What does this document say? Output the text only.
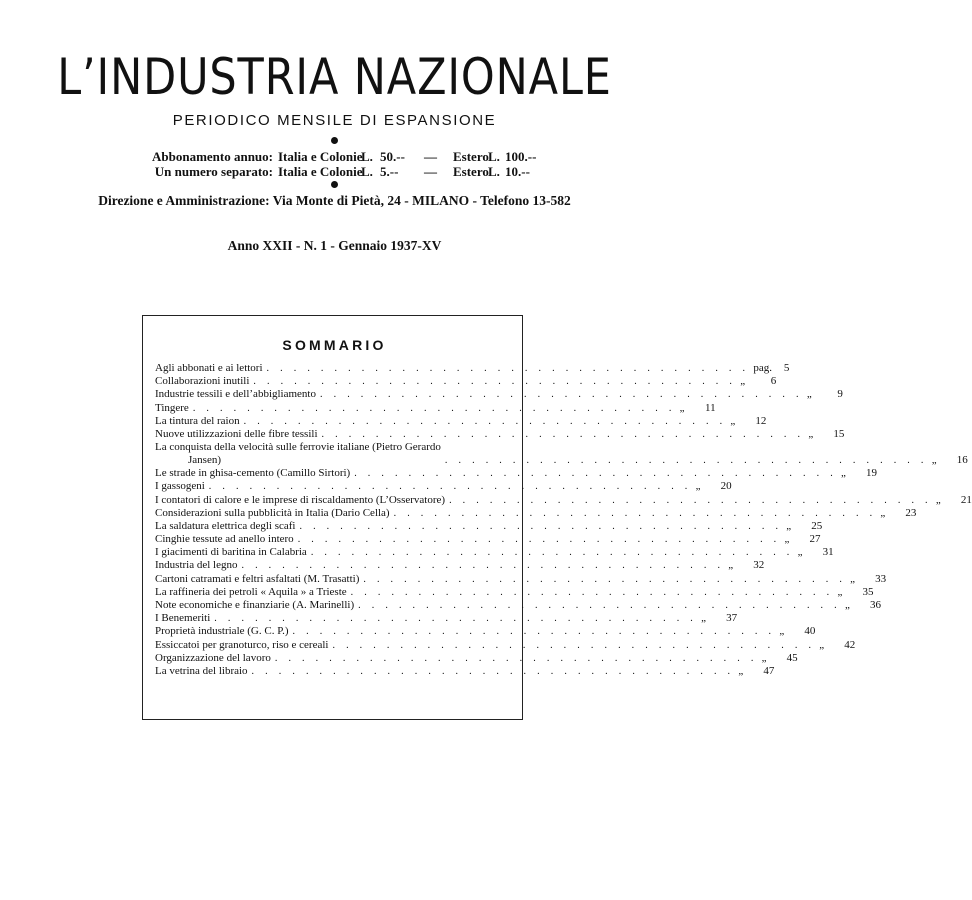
L’INDUSTRIA NAZIONALE
PERIODICO MENSILE DI ESPANSIONE
Abbonamento annuo: Italia e Colonie
L. 50.-- — Estero L. 100.--
Un numero separato: Italia e Colonie
L. 5.-- — Estero L. 10.--
Direzione e Amministrazione: Via Monte di Pietà, 24 - MILANO - Telefono 13-582
Anno XXII - N. 1 - Gennaio 1937-XV
SOMMARIO
Agli abbonati e ai lettori . . . . . . . . . . . . . . . . . . . . . . . . . . . . . . . . . . . . pag.	5
Collaborazioni inutili . . . . . . . . . . . . . . . . . . . . . . . . . . . . . . . . . . . . „	6
Industrie tessili e dell’abbigliamento . . . . . . . . . . . . . . . . . . . . . . . . . . . . . . . . . . . . „	9
Tingere . . . . . . . . . . . . . . . . . . . . . . . . . . . . . . . . . . . . „	11
La tintura del raion . . . . . . . . . . . . . . . . . . . . . . . . . . . . . . . . . . . . „	12
Nuove utilizzazioni delle fibre tessili . . . . . . . . . . . . . . . . . . . . . . . . . . . . . . . . . . . . „	15
La conquista della velocità sulle ferrovie italiane (Pietro Gerardo
Jansen)	. . . . . . . . . . . . . . . . . . . . . . . . . . . . . . . . . . . . „	16
Le strade in ghisa-cemento (Camillo Sirtori) . . . . . . . . . . . . . . . . . . . . . . . . . . . . . . . . . . . . „	19
I gassogeni . . . . . . . . . . . . . . . . . . . . . . . . . . . . . . . . . . . . „	20
I contatori di calore e le imprese di riscaldamento (L’Osservatore) . . . . . . . . . . . . . . . . . . . . . . . . . . . . . . . . . . . . „	21
Considerazioni sulla pubblicità in Italia (Dario Cella) . . . . . . . . . . . . . . . . . . . . . . . . . . . . . . . . . . . . „	23
La saldatura elettrica degli scafi . . . . . . . . . . . . . . . . . . . . . . . . . . . . . . . . . . . . „	25
Cinghie tessute ad anello intero . . . . . . . . . . . . . . . . . . . . . . . . . . . . . . . . . . . . „	27
I giacimenti di baritina in Calabria . . . . . . . . . . . . . . . . . . . . . . . . . . . . . . . . . . . . „	31
Industria del legno . . . . . . . . . . . . . . . . . . . . . . . . . . . . . . . . . . . . „	32
Cartoni catramati e feltri asfaltati (M. Trasatti) . . . . . . . . . . . . . . . . . . . . . . . . . . . . . . . . . . . . „	33
La raffineria dei petroli « Aquila » a Trieste . . . . . . . . . . . . . . . . . . . . . . . . . . . . . . . . . . . . „	35
Note economiche e finanziarie (A. Marinelli) . . . . . . . . . . . . . . . . . . . . . . . . . . . . . . . . . . . . „	36
I Benemeriti . . . . . . . . . . . . . . . . . . . . . . . . . . . . . . . . . . . . „	37
Proprietà industriale (G. C. P.) . . . . . . . . . . . . . . . . . . . . . . . . . . . . . . . . . . . . „	40
Essiccatoi per granoturco, riso e cereali . . . . . . . . . . . . . . . . . . . . . . . . . . . . . . . . . . . . „	42
Organizzazione del lavoro . . . . . . . . . . . . . . . . . . . . . . . . . . . . . . . . . . . . „	45
La vetrina del libraio . . . . . . . . . . . . . . . . . . . . . . . . . . . . . . . . . . . . „	47
